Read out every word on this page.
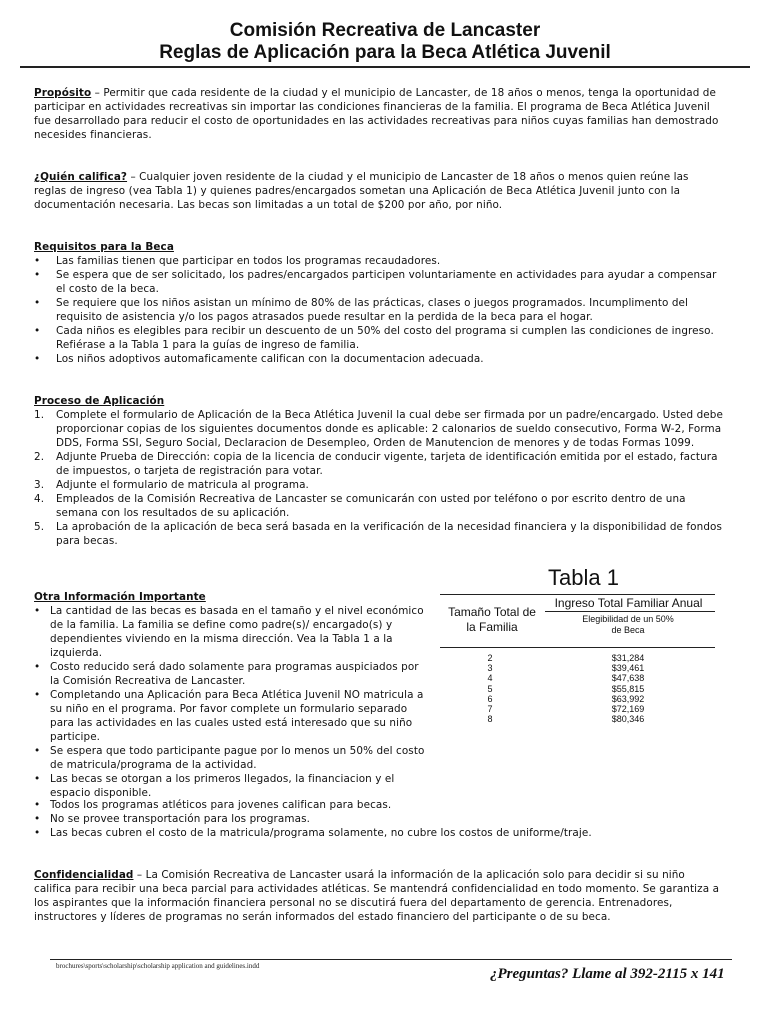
Comisión Recreativa de Lancaster
Reglas de Aplicación para la Beca Atlética Juvenil

Propósito – Permitir que cada residente de la ciudad y el municipio de Lancaster, de 18 años o menos, tenga la oportunidad de participar en actividades recreativas sin importar las condiciones financieras de la familia. El programa de Beca Atlética Juvenil fue desarrollado para reducir el costo de oportunidades en las actividades recreativas para niños cuyas familias han demostrado necesides financieras.

¿Quién califica? – Cualquier joven residente de la ciudad y el municipio de Lancaster de 18 años o menos quien reúne las reglas de ingreso (vea Tabla 1) y quienes padres/encargados sometan una Aplicación de Beca Atlética Juvenil junto con la documentación necesaria. Las becas son limitadas a un total de $200 por año, por niño.

Requisitos para la Beca

• Las familias tienen que participar en todos los programas recaudadores.
• Se espera que de ser solicitado, los padres/encargados participen voluntariamente en actividades para ayudar a compensar el costo de la beca.
• Se requiere que los niños asistan un mínimo de 80% de las prácticas, clases o juegos programados. Incumplimento del requisito de asistencia y/o los pagos atrasados puede resultar en la perdida de la beca para el hogar.
• Cada niños es elegibles para recibir un descuento de un 50% del costo del programa si cumplen las condiciones de ingreso. Refiérase a la Tabla 1 para la guías de ingreso de familia.
• Los niños adoptivos automaficamente califican con la documentacion adecuada.

Proceso de Aplicación

1. Complete el formulario de Aplicación de la Beca Atlética Juvenil la cual debe ser firmada por un padre/encargado. Usted debe proporcionar copias de los siguientes documentos donde es aplicable: 2 calonarios de sueldo consecutivo, Forma W-2, Forma DDS, Forma SSI, Seguro Social, Declaracion de Desempleo, Orden de Manutencion de menores y de todas Formas 1099.
2. Adjunte Prueba de Dirección: copia de la licencia de conducir vigente, tarjeta de identificación emitida por el estado, factura de impuestos, o tarjeta de registración para votar.
3. Adjunte el formulario de matricula al programa.
4. Empleados de la Comisión Recreativa de Lancaster se comunicarán con usted por teléfono o por escrito dentro de una semana con los resultados de su aplicación.
5. La aprobación de la aplicación de beca será basada en la verificación de la necesidad financiera y la disponibilidad de fondos para becas.

Otra Información Importante

• La cantidad de las becas es basada en el tamaño y el nivel económico de la familia. La familia se define como padre(s)/ encargado(s) y dependientes viviendo en la misma dirección. Vea la Tabla 1 a la izquierda.
• Costo reducido será dado solamente para programas auspiciados por la Comisión Recreativa de Lancaster.
• Completando una Aplicación para Beca Atlética Juvenil NO matricula a su niño en el programa. Por favor complete un formulario separado para las actividades en las cuales usted está interesado que su niño participe.
• Se espera que todo participante pague por lo menos un 50% del costo de matricula/programa de la actividad.
• Las becas se otorgan a los primeros llegados, la financiacion y el espacio disponible.
• Todos los programas atléticos para jovenes califican para becas.
• No se provee transportación para los programas.
• Las becas cubren el costo de la matricula/programa solamente, no cubre los costos de uniforme/traje.
Tabla 1
Tamaño Total de la Familia
Ingreso Total Familiar Anual
Elegibilidad de un 50% de Beca
2
3
4
5
6
7
8
$31,284
$39,461
$47,638
$55,815
$63,992
$72,169
$80,346

Confidencialidad – La Comisión Recreativa de Lancaster usará la información de la aplicación solo para decidir si su niño califica para recibir una beca parcial para actividades atléticas. Se mantendrá confidencialidad en todo momento. Se garantiza a los aspirantes que la información financiera personal no se discutirá fuera del departamento de gerencia. Entrenadores, instructores y líderes de programas no serán informados del estado financiero del participante o de su beca.

brochures\sports\scholarship\scholarship application and guidelines.indd	¿Preguntas? Llame al 392-2115 x 141
